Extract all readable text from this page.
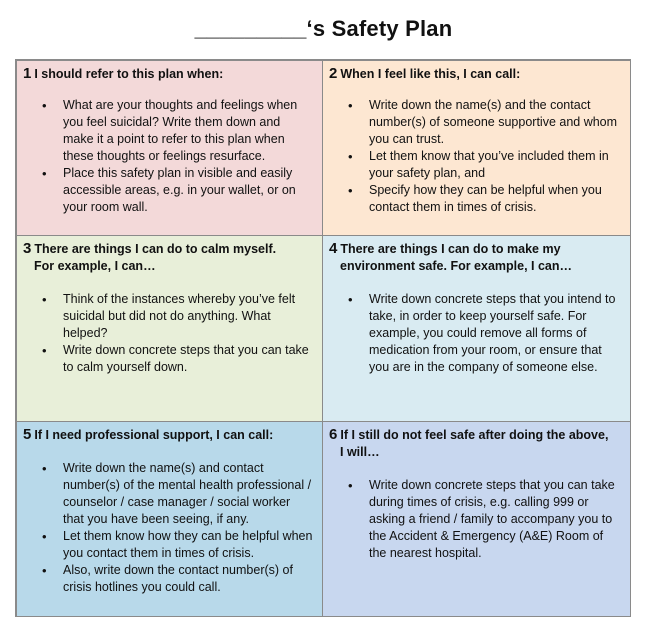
_________‘s Safety Plan
1 I should refer to this plan when:
• What are your thoughts and feelings when you feel suicidal? Write them down and make it a point to refer to this plan when these thoughts or feelings resurface.
• Place this safety plan in visible and easily accessible areas, e.g. in your wallet, or on your room wall.
2 When I feel like this, I can call:
• Write down the name(s) and the contact number(s) of someone supportive and whom you can trust.
• Let them know that you’ve included them in your safety plan, and
• Specify how they can be helpful when you contact them in times of crisis.
3 There are things I can do to calm myself.
For example, I can…
• Think of the instances whereby you’ve felt suicidal but did not do anything. What helped?
• Write down concrete steps that you can take to calm yourself down.
4 There are things I can do to make my
environment safe. For example, I can…
• Write down concrete steps that you intend to take, in order to keep yourself safe. For example, you could remove all forms of medication from your room, or ensure that you are in the company of someone else.
5 If I need professional support, I can call:
• Write down the name(s) and contact number(s) of the mental health professional / counselor / case manager / social worker that you have been seeing, if any.
• Let them know how they can be helpful when you contact them in times of crisis.
• Also, write down the contact number(s) of crisis hotlines you could call.
6 If I still do not feel safe after doing the above,
I will…
• Write down concrete steps that you can take during times of crisis, e.g. calling 999 or asking a friend / family to accompany you to the Accident & Emergency (A&E) Room of the nearest hospital.
